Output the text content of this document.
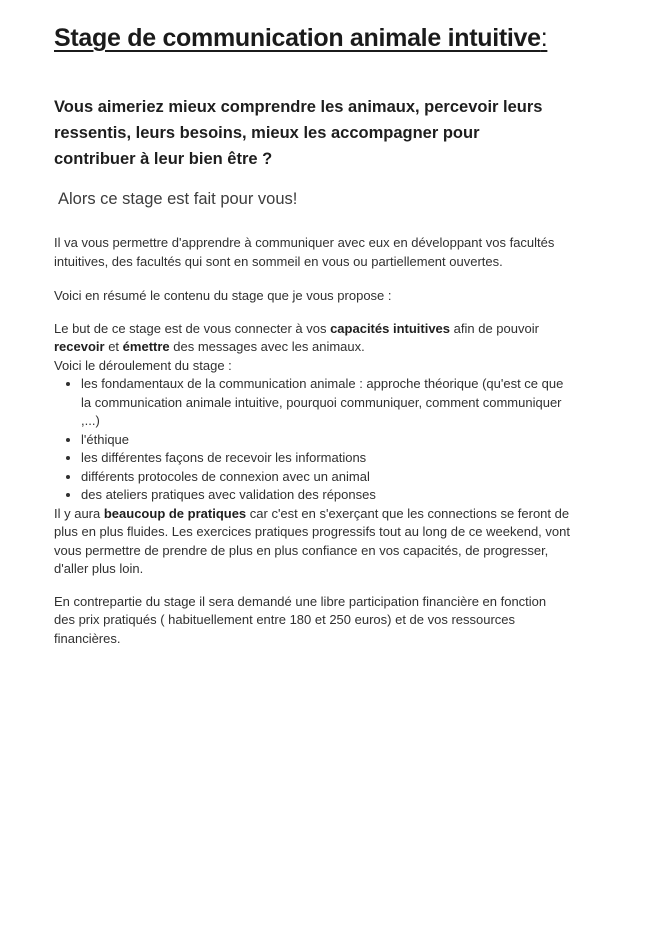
Stage de communication animale intuitive:
Vous aimeriez mieux comprendre les animaux, percevoir leurs
ressentis, leurs besoins, mieux les accompagner pour
contribuer à leur bien être ?
Alors ce stage est fait pour vous!
Il va vous permettre d'apprendre à communiquer avec eux en développant vos facultés
intuitives, des facultés qui sont en sommeil en vous ou partiellement ouvertes.
Voici en résumé le contenu du stage que je vous propose :
Le but de ce stage est de vous connecter à vos capacités intuitives afin de pouvoir
recevoir et émettre des messages avec les animaux.
Voici le déroulement du stage :
• les fondamentaux de la communication animale : approche théorique (qu'est ce que
la communication animale intuitive, pourquoi communiquer, comment communiquer
,...)
• l'éthique
• les différentes façons de recevoir les informations
• différents protocoles de connexion avec un animal
• des ateliers pratiques avec validation des réponses
Il y aura beaucoup de pratiques car c'est en s'exerçant que les connections se feront de
plus en plus fluides. Les exercices pratiques progressifs tout au long de ce weekend, vont
vous permettre de prendre de plus en plus confiance en vos capacités, de progresser,
d'aller plus loin.
En contrepartie du stage il sera demandé une libre participation financière en fonction
des prix pratiqués ( habituellement entre 180 et 250 euros) et de vos ressources
financières.
